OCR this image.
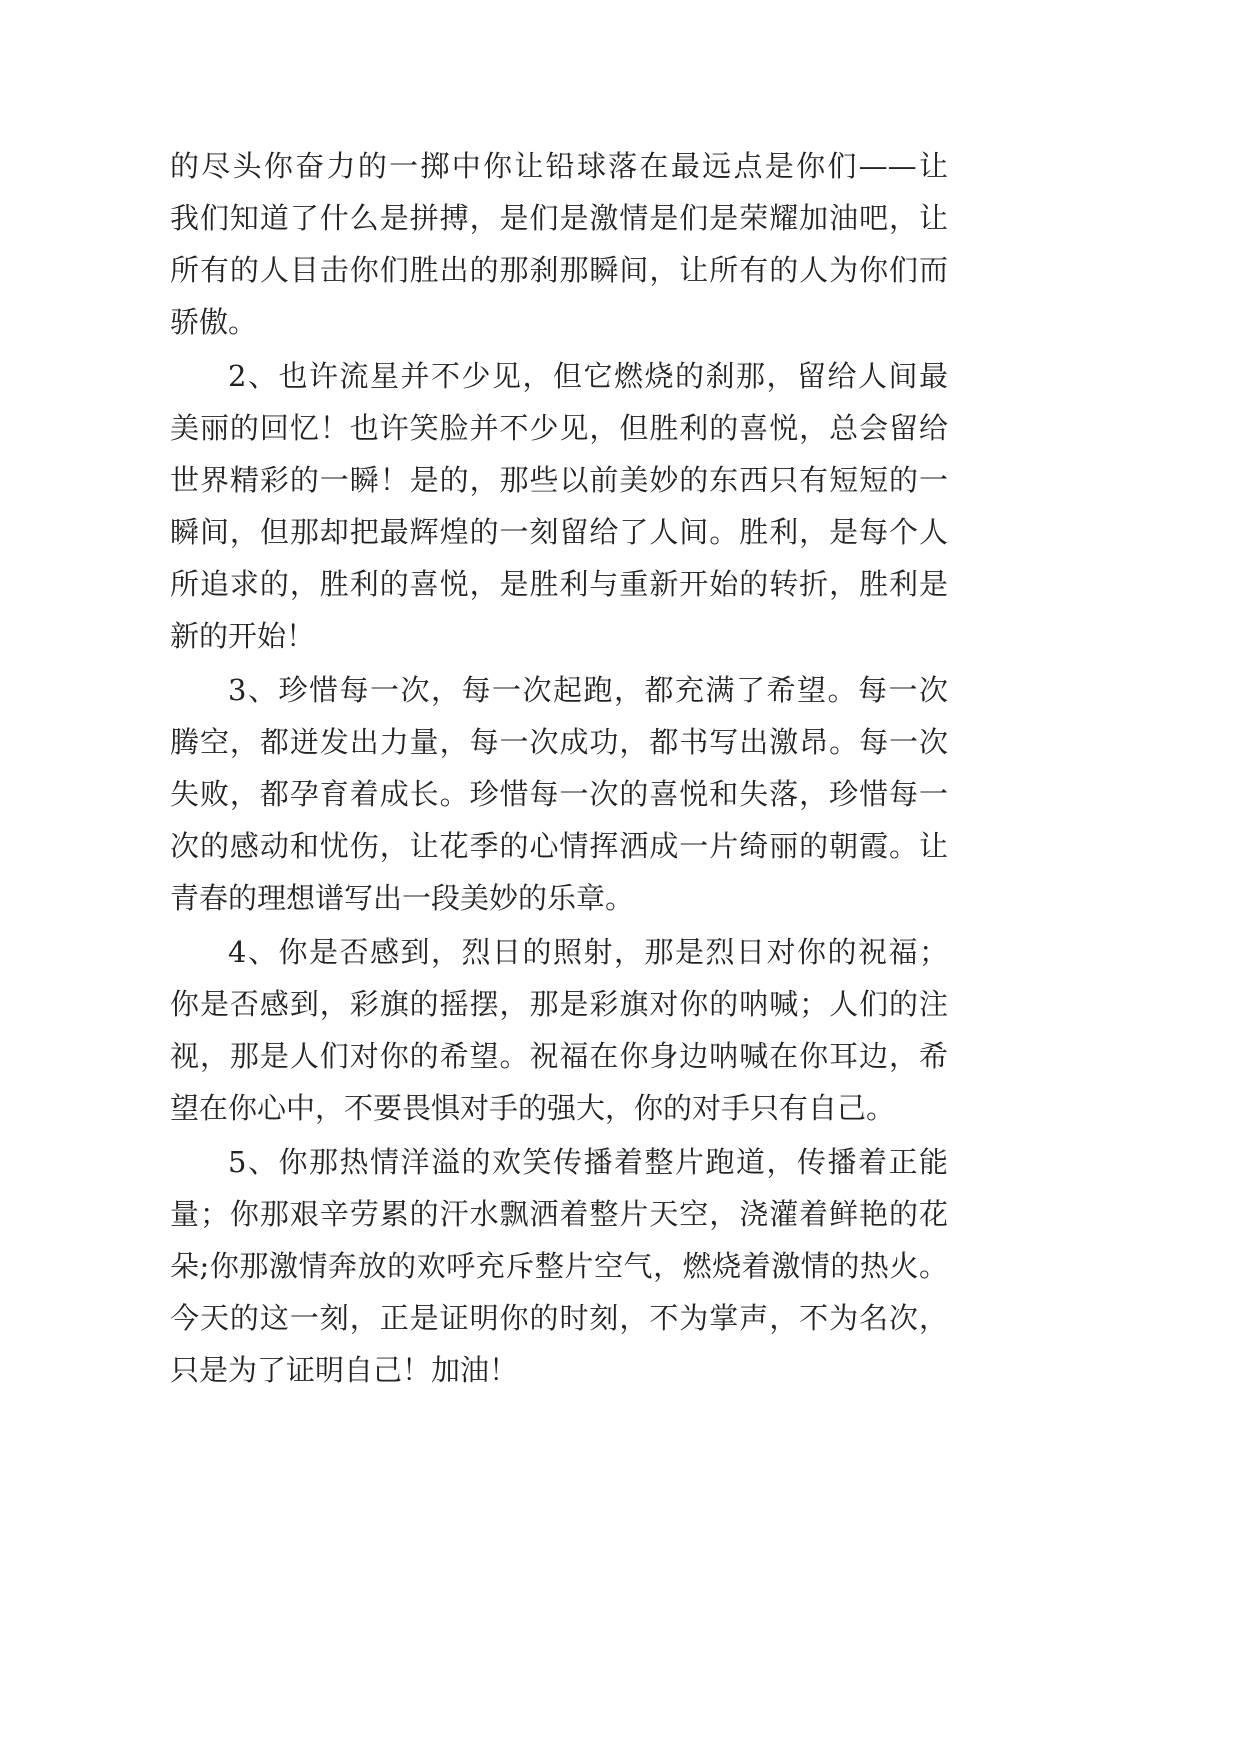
的尽头你奋力的一掷中你让铅球落在最远点是你们——让
我们知道了什么是拼搏，是们是激情是们是荣耀加油吧，让
所有的人目击你们胜出的那刹那瞬间，让所有的人为你们而
骄傲。
2、也许流星并不少见，但它燃烧的刹那，留给人间最
美丽的回忆！也许笑脸并不少见，但胜利的喜悦，总会留给
世界精彩的一瞬！是的，那些以前美妙的东西只有短短的一
瞬间，但那却把最辉煌的一刻留给了人间。胜利，是每个人
所追求的，胜利的喜悦，是胜利与重新开始的转折，胜利是
新的开始！
3、珍惜每一次，每一次起跑，都充满了希望。每一次
腾空，都迸发出力量，每一次成功，都书写出激昂。每一次
失败，都孕育着成长。珍惜每一次的喜悦和失落，珍惜每一
次的感动和忧伤，让花季的心情挥洒成一片绮丽的朝霞。让
青春的理想谱写出一段美妙的乐章。
4、你是否感到，烈日的照射，那是烈日对你的祝福；
你是否感到，彩旗的摇摆，那是彩旗对你的呐喊；人们的注
视，那是人们对你的希望。祝福在你身边呐喊在你耳边，希
望在你心中，不要畏惧对手的强大，你的对手只有自己。
5、你那热情洋溢的欢笑传播着整片跑道，传播着正能
量；你那艰辛劳累的汗水飘洒着整片天空，浇灌着鲜艳的花
朵;你那激情奔放的欢呼充斥整片空气，燃烧着激情的热火。
今天的这一刻，正是证明你的时刻，不为掌声，不为名次，
只是为了证明自己！加油！
